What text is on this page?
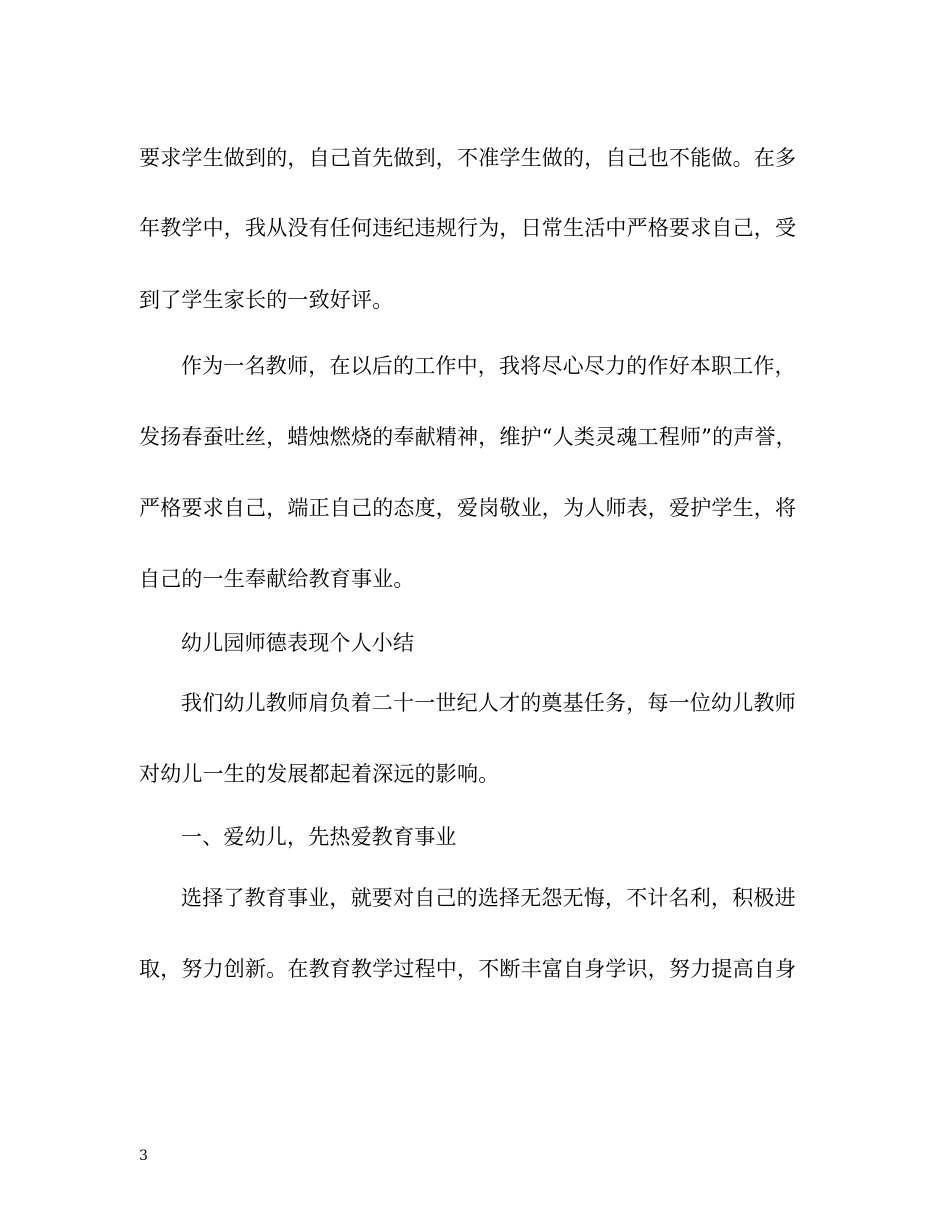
要求学生做到的，自己首先做到，不准学生做的，自己也不能做。在多
年教学中，我从没有任何违纪违规行为，日常生活中严格要求自己，受
到了学生家长的一致好评。
作为一名教师，在以后的工作中，我将尽心尽力的作好本职工作，
发扬春蚕吐丝，蜡烛燃烧的奉献精神，维护“人类灵魂工程师”的声誉，
严格要求自己，端正自己的态度，爱岗敬业，为人师表，爱护学生，将
自己的一生奉献给教育事业。
幼儿园师德表现个人小结
我们幼儿教师肩负着二十一世纪人才的奠基任务，每一位幼儿教师
对幼儿一生的发展都起着深远的影响。
一、爱幼儿，先热爱教育事业
选择了教育事业，就要对自己的选择无怨无悔，不计名利，积极进
取，努力创新。在教育教学过程中，不断丰富自身学识，努力提高自身
3
